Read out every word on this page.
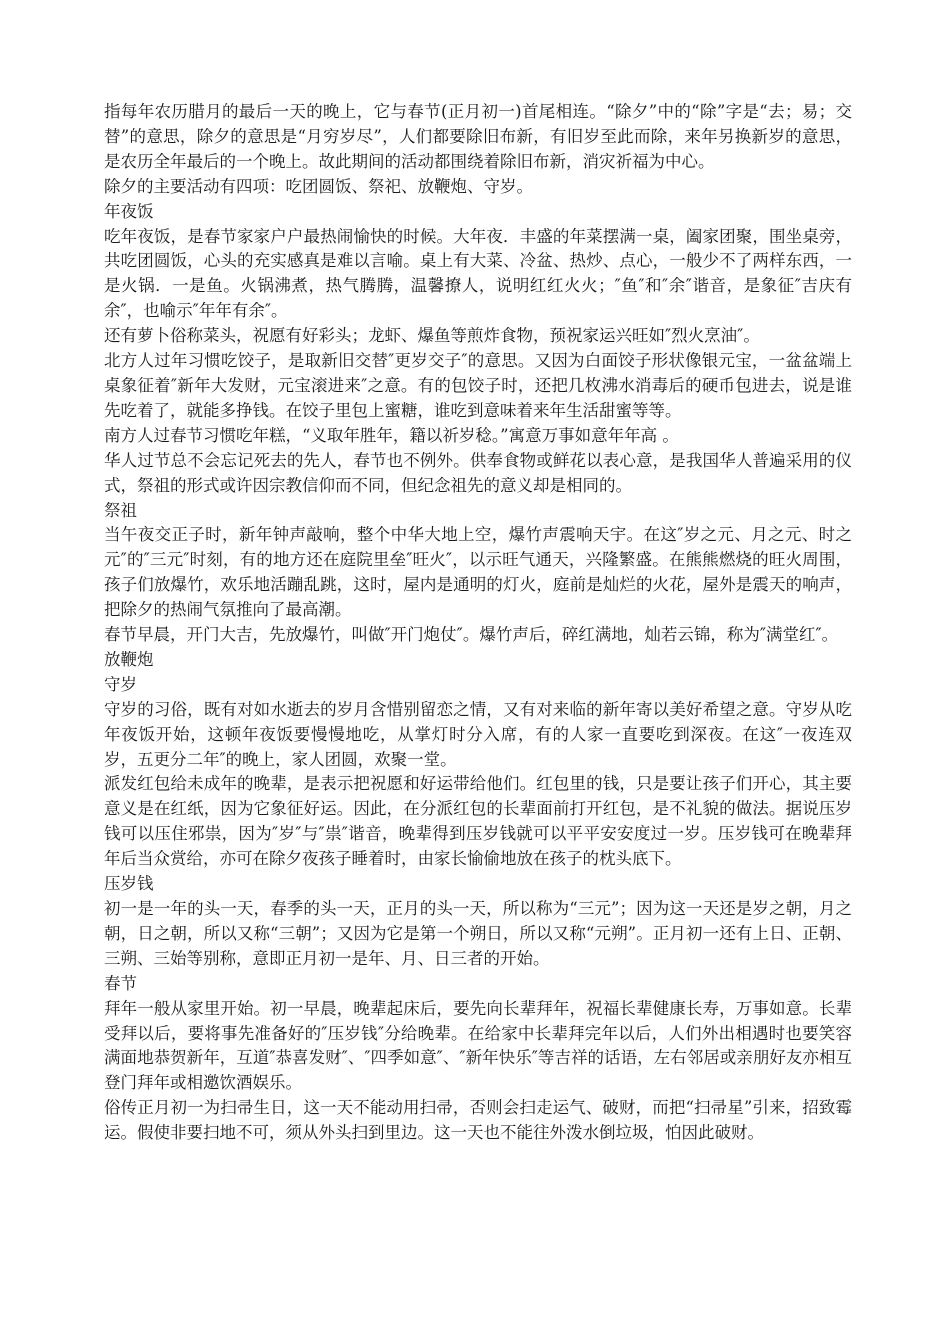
指每年农历腊月的最后一天的晚上，它与春节(正月初一)首尾相连。“除夕”中的“除”字是“去；易；交替”的意思，除夕的意思是“月穷岁尽”，人们都要除旧布新，有旧岁至此而除，来年另换新岁的意思，是农历全年最后的一个晚上。故此期间的活动都围绕着除旧布新，消灾祈福为中心。

除夕的主要活动有四项：吃团圆饭、祭祀、放鞭炮、守岁。

年夜饭

吃年夜饭，是春节家家户户最热闹愉快的时候。大年夜．丰盛的年菜摆满一桌，阖家团聚，围坐桌旁，共吃团圆饭，心头的充实感真是难以言喻。桌上有大菜、冷盆、热炒、点心，一般少不了两样东西，一是火锅．一是鱼。火锅沸煮，热气腾腾，温馨撩人，说明红红火火；″鱼″和″余″谐音，是象征″吉庆有余″，也喻示″年年有余″。

还有萝卜俗称菜头，祝愿有好彩头；龙虾、爆鱼等煎炸食物，预祝家运兴旺如″烈火烹油″。

北方人过年习惯吃饺子，是取新旧交替″更岁交子″的意思。又因为白面饺子形状像银元宝，一盆盆端上桌象征着″新年大发财，元宝滚进来″之意。有的包饺子时，还把几枚沸水消毒后的硬币包进去，说是谁先吃着了，就能多挣钱。在饺子里包上蜜糖，谁吃到意味着来年生活甜蜜等等。

南方人过春节习惯吃年糕，“义取年胜年，籍以祈岁稔。”寓意万事如意年年高 。

华人过节总不会忘记死去的先人，春节也不例外。供奉食物或鲜花以表心意，是我国华人普遍采用的仪式，祭祖的形式或许因宗教信仰而不同，但纪念祖先的意义却是相同的。

祭祖

当午夜交正子时，新年钟声敲响，整个中华大地上空，爆竹声震响天宇。在这″岁之元、月之元、时之元″的″三元″时刻，有的地方还在庭院里垒″旺火″，以示旺气通天，兴隆繁盛。在熊熊燃烧的旺火周围，孩子们放爆竹，欢乐地活蹦乱跳，这时，屋内是通明的灯火，庭前是灿烂的火花，屋外是震天的响声，把除夕的热闹气氛推向了最高潮。

春节早晨，开门大吉，先放爆竹，叫做″开门炮仗″。爆竹声后，碎红满地，灿若云锦，称为″满堂红″。

放鞭炮

守岁

守岁的习俗，既有对如水逝去的岁月含惜别留恋之情，又有对来临的新年寄以美好希望之意。守岁从吃年夜饭开始，这顿年夜饭要慢慢地吃，从掌灯时分入席，有的人家一直要吃到深夜。在这″一夜连双岁，五更分二年″的晚上，家人团圆，欢聚一堂。

派发红包给未成年的晚辈，是表示把祝愿和好运带给他们。红包里的钱，只是要让孩子们开心，其主要意义是在红纸，因为它象征好运。因此，在分派红包的长辈面前打开红包，是不礼貌的做法。据说压岁钱可以压住邪祟，因为″岁″与″祟″谐音，晚辈得到压岁钱就可以平平安安度过一岁。压岁钱可在晚辈拜年后当众赏给，亦可在除夕夜孩子睡着时，由家长愉偷地放在孩子的枕头底下。

压岁钱

初一是一年的头一天，春季的头一天，正月的头一天，所以称为“三元”；因为这一天还是岁之朝，月之朝，日之朝，所以又称“三朝”；又因为它是第一个朔日，所以又称“元朔”。正月初一还有上日、正朝、三朔、三始等别称，意即正月初一是年、月、日三者的开始。

春节

拜年一般从家里开始。初一早晨，晚辈起床后，要先向长辈拜年，祝福长辈健康长寿，万事如意。长辈受拜以后，要将事先准备好的″压岁钱″分给晚辈。在给家中长辈拜完年以后，人们外出相遇时也要笑容满面地恭贺新年，互道″恭喜发财″、″四季如意″、″新年快乐″等吉祥的话语，左右邻居或亲朋好友亦相互登门拜年或相邀饮酒娱乐。

俗传正月初一为扫帚生日，这一天不能动用扫帚，否则会扫走运气、破财，而把“扫帚星”引来，招致霉运。假使非要扫地不可，须从外头扫到里边。这一天也不能往外泼水倒垃圾，怕因此破财。
